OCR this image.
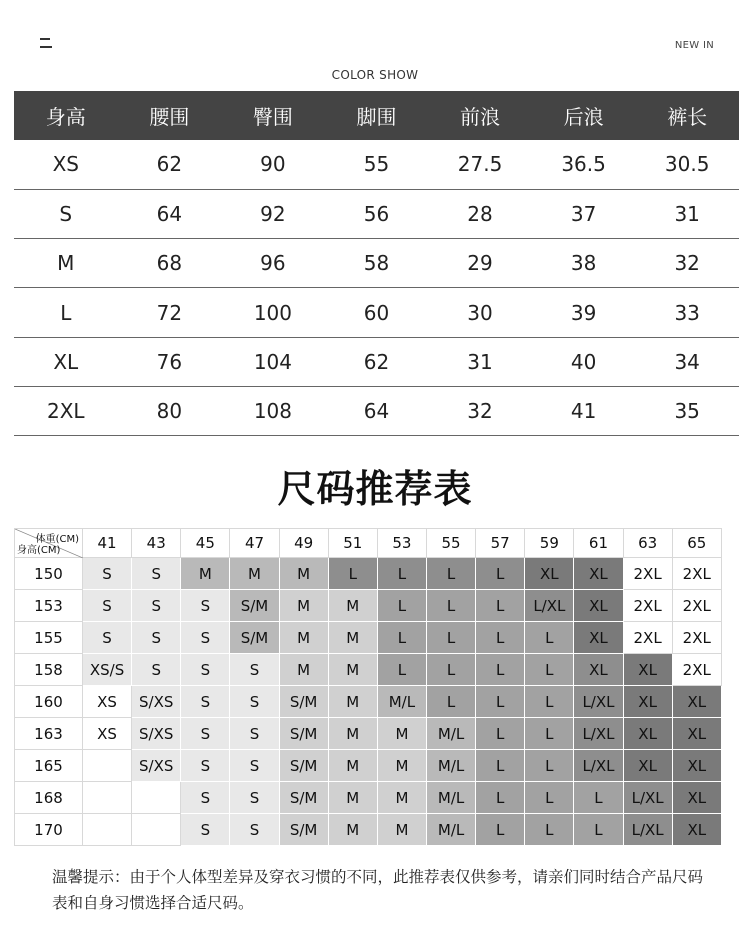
NEW IN
COLOR SHOW
身高	腰围	臀围	脚围	前浪	后浪	裤长
XS	62	90	55	27.5	36.5	30.5
S	64	92	56	28	37	31
M	68	96	58	29	38	32
L	72	100	60	30	39	33
XL	76	104	62	31	40	34
2XL	80	108	64	32	41	35
尺码推荐表
体重(CM)
身高(CM)	41	43	45	47	49	51	53	55	57	59	61	63	65
150	S	S	M	M	M	L	L	L	L	XL	XL	2XL	2XL
153	S	S	S	S/M	M	M	L	L	L	L/XL	XL	2XL	2XL
155	S	S	S	S/M	M	M	L	L	L	L	XL	2XL	2XL
158	XS/S	S	S	S	M	M	L	L	L	L	XL	XL	2XL
160	XS	S/XS	S	S	S/M	M	M/L	L	L	L	L/XL	XL	XL
163	XS	S/XS	S	S	S/M	M	M	M/L	L	L	L/XL	XL	XL
165		S/XS	S	S	S/M	M	M	M/L	L	L	L/XL	XL	XL
168			S	S	S/M	M	M	M/L	L	L	L	L/XL	XL
170			S	S	S/M	M	M	M/L	L	L	L	L/XL	XL
温馨提示：由于个人体型差异及穿衣习惯的不同，此推荐表仅供参考，请亲们同时结合产品尺码表和自身习惯选择合适尺码。
